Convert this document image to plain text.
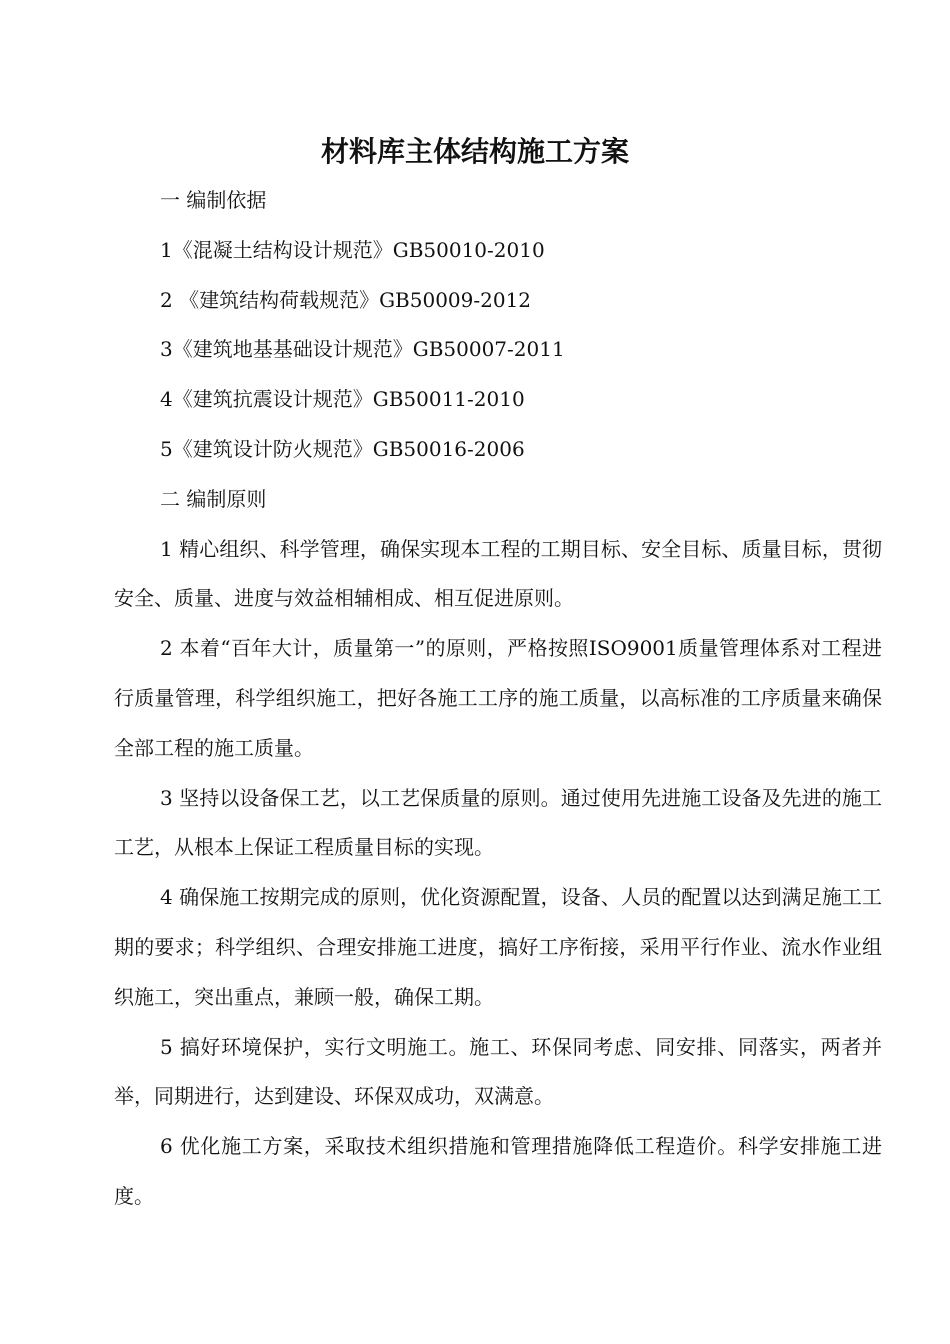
材料库主体结构施工方案

一 编制依据

1《混凝土结构设计规范》GB50010-2010

2 《建筑结构荷载规范》GB50009-2012

3《建筑地基基础设计规范》GB50007-2011

4《建筑抗震设计规范》GB50011-2010

5《建筑设计防火规范》GB50016-2006

二 编制原则

1 精心组织、科学管理，确保实现本工程的工期目标、安全目标、质量目标，贯彻安全、质量、进度与效益相辅相成、相互促进原则。

2 本着“百年大计，质量第一”的原则，严格按照ISO9001质量管理体系对工程进行质量管理，科学组织施工，把好各施工工序的施工质量，以高标准的工序质量来确保全部工程的施工质量。

3 坚持以设备保工艺，以工艺保质量的原则。通过使用先进施工设备及先进的施工工艺，从根本上保证工程质量目标的实现。

4 确保施工按期完成的原则，优化资源配置，设备、人员的配置以达到满足施工工期的要求；科学组织、合理安排施工进度，搞好工序衔接，采用平行作业、流水作业组织施工，突出重点，兼顾一般，确保工期。

5 搞好环境保护，实行文明施工。施工、环保同考虑、同安排、同落实，两者并举，同期进行，达到建设、环保双成功，双满意。

6 优化施工方案，采取技术组织措施和管理措施降低工程造价。科学安排施工进度。
